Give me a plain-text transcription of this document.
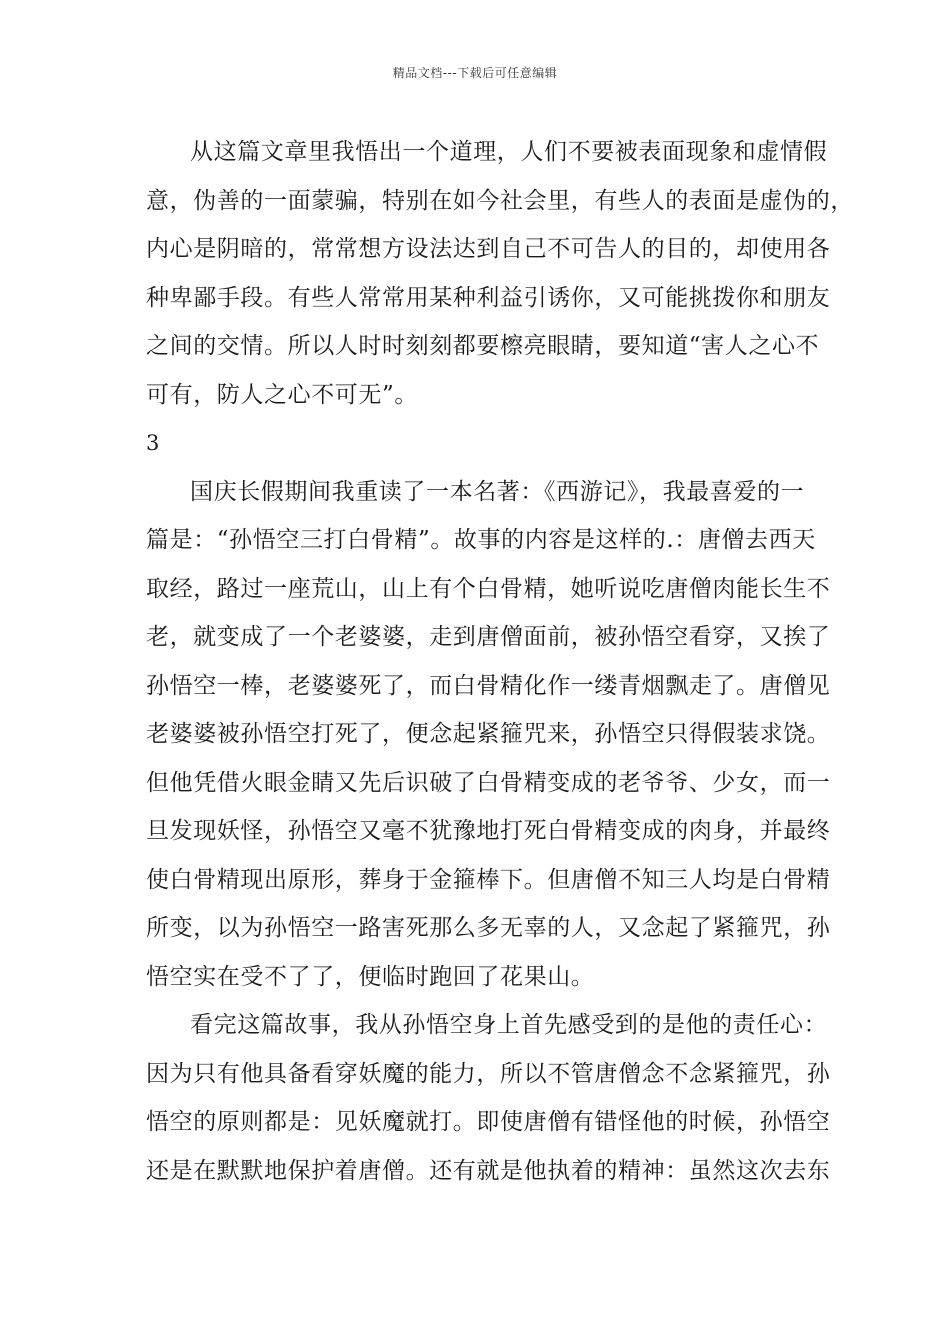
精品文档---下载后可任意编辑
从这篇文章里我悟出一个道理，人们不要被表面现象和虚情假
意，伪善的一面蒙骗，特别在如今社会里，有些人的表面是虚伪的，
内心是阴暗的，常常想方设法达到自己不可告人的目的，却使用各
种卑鄙手段。有些人常常用某种利益引诱你，又可能挑拨你和朋友
之间的交情。所以人时时刻刻都要檫亮眼睛，要知道“害人之心不
可有，防人之心不可无”。
3
国庆长假期间我重读了一本名著：《西游记》，我最喜爱的一
篇是：“孙悟空三打白骨精”。故事的内容是这样的.：唐僧去西天
取经，路过一座荒山，山上有个白骨精，她听说吃唐僧肉能长生不
老，就变成了一个老婆婆，走到唐僧面前，被孙悟空看穿，又挨了
孙悟空一棒，老婆婆死了，而白骨精化作一缕青烟飘走了。唐僧见
老婆婆被孙悟空打死了，便念起紧箍咒来，孙悟空只得假装求饶。
但他凭借火眼金睛又先后识破了白骨精变成的老爷爷、少女，而一
旦发现妖怪，孙悟空又毫不犹豫地打死白骨精变成的肉身，并最终
使白骨精现出原形，葬身于金箍棒下。但唐僧不知三人均是白骨精
所变，以为孙悟空一路害死那么多无辜的人，又念起了紧箍咒，孙
悟空实在受不了了，便临时跑回了花果山。
看完这篇故事，我从孙悟空身上首先感受到的是他的责任心：
因为只有他具备看穿妖魔的能力，所以不管唐僧念不念紧箍咒，孙
悟空的原则都是：见妖魔就打。即使唐僧有错怪他的时候，孙悟空
还是在默默地保护着唐僧。还有就是他执着的精神：虽然这次去东
